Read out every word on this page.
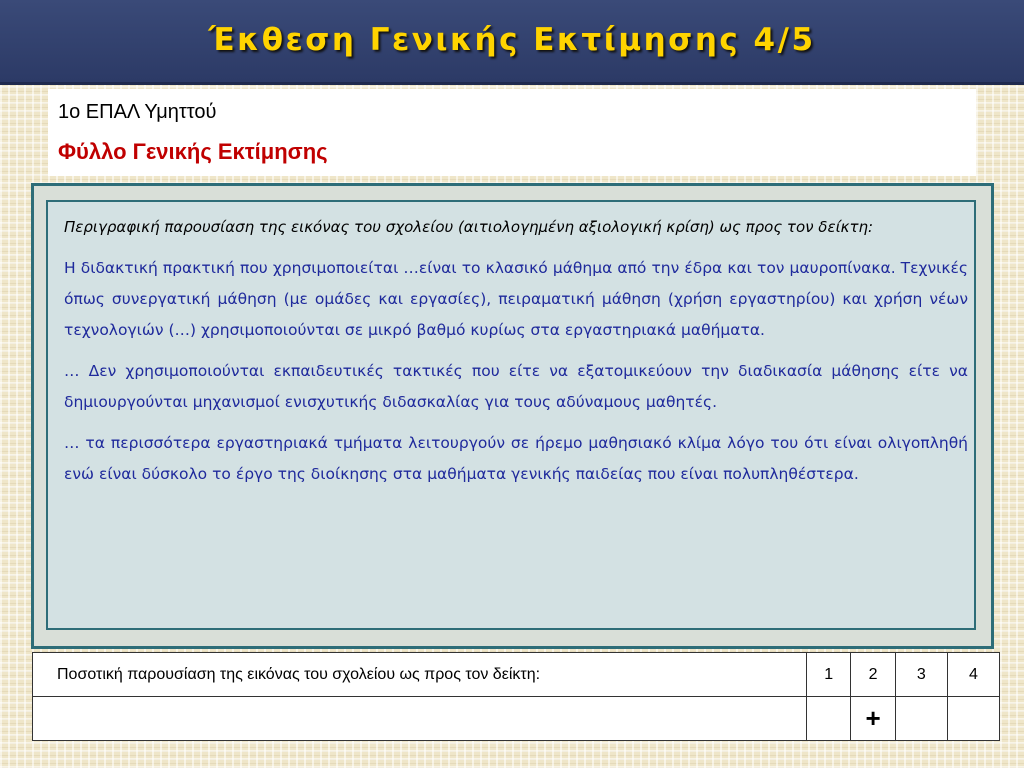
Έκθεση Γενικής Εκτίμησης 4/5
1ο ΕΠΑΛ Υμηττού
Φύλλο Γενικής Εκτίμησης

Περιγραφική παρουσίαση της εικόνας του σχολείου (αιτιολογημένη αξιολογική κρίση) ως προς τον δείκτη:

Η διδακτική πρακτική που χρησιμοποιείται …είναι το κλασικό μάθημα από την έδρα και τον μαυροπίνακα. Τεχνικές όπως συνεργατική μάθηση (με ομάδες και εργασίες), πειραματική μάθηση (χρήση εργαστηρίου) και χρήση νέων τεχνολογιών (…) χρησιμοποιούνται σε μικρό βαθμό κυρίως στα εργαστηριακά μαθήματα.

… Δεν χρησιμοποιούνται εκπαιδευτικές τακτικές που είτε να εξατομικεύουν την διαδικασία μάθησης είτε να δημιουργούνται μηχανισμοί ενισχυτικής διδασκαλίας για τους αδύναμους μαθητές.

… τα περισσότερα εργαστηριακά τμήματα λειτουργούν σε ήρεμο μαθησιακό κλίμα λόγο του ότι είναι ολιγοπληθή ενώ είναι δύσκολο το έργο της διοίκησης στα μαθήματα γενικής παιδείας που είναι πολυπληθέστερα.

Ποσοτική παρουσίαση της εικόνας του σχολείου ως προς τον δείκτη:	1	2	3	4
		+		
